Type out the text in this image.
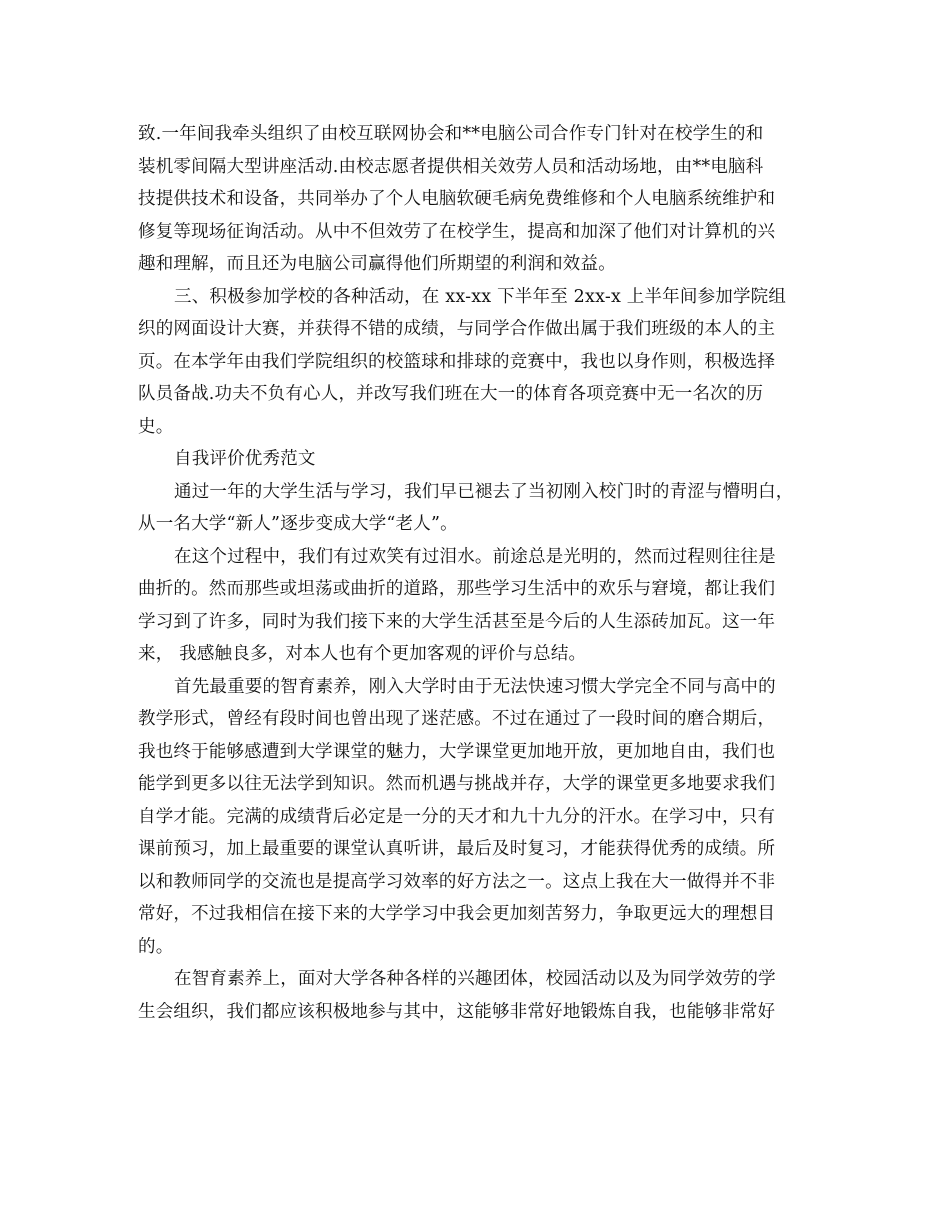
致.一年间我牵头组织了由校互联网协会和**电脑公司合作专门针对在校学生的和
装机零间隔大型讲座活动.由校志愿者提供相关效劳人员和活动场地，由**电脑科
技提供技术和设备，共同举办了个人电脑软硬毛病免费维修和个人电脑系统维护和
修复等现场征询活动。从中不但效劳了在校学生，提高和加深了他们对计算机的兴
趣和理解，而且还为电脑公司赢得他们所期望的利润和效益。
三、积极参加学校的各种活动，在 xx-xx 下半年至 2xx-x 上半年间参加学院组
织的网面设计大赛，并获得不错的成绩，与同学合作做出属于我们班级的本人的主
页。在本学年由我们学院组织的校篮球和排球的竞赛中，我也以身作则，积极选择
队员备战.功夫不负有心人，并改写我们班在大一的体育各项竞赛中无一名次的历
史。
自我评价优秀范文
通过一年的大学生活与学习，我们早已褪去了当初刚入校门时的青涩与懵明白，
从一名大学“新人”逐步变成大学“老人”。
在这个过程中，我们有过欢笑有过泪水。前途总是光明的，然而过程则往往是
曲折的。然而那些或坦荡或曲折的道路，那些学习生活中的欢乐与窘境，都让我们
学习到了许多，同时为我们接下来的大学生活甚至是今后的人生添砖加瓦。这一年
来， 我感触良多，对本人也有个更加客观的评价与总结。
首先最重要的智育素养，刚入大学时由于无法快速习惯大学完全不同与高中的
教学形式，曾经有段时间也曾出现了迷茫感。不过在通过了一段时间的磨合期后，
我也终于能够感遭到大学课堂的魅力，大学课堂更加地开放，更加地自由，我们也
能学到更多以往无法学到知识。然而机遇与挑战并存，大学的课堂更多地要求我们
自学才能。完满的成绩背后必定是一分的天才和九十九分的汗水。在学习中，只有
课前预习，加上最重要的课堂认真听讲，最后及时复习，才能获得优秀的成绩。所
以和教师同学的交流也是提高学习效率的好方法之一。这点上我在大一做得并不非
常好，不过我相信在接下来的大学学习中我会更加刻苦努力，争取更远大的理想目
的。
在智育素养上，面对大学各种各样的兴趣团体，校园活动以及为同学效劳的学
生会组织，我们都应该积极地参与其中，这能够非常好地锻炼自我，也能够非常好
